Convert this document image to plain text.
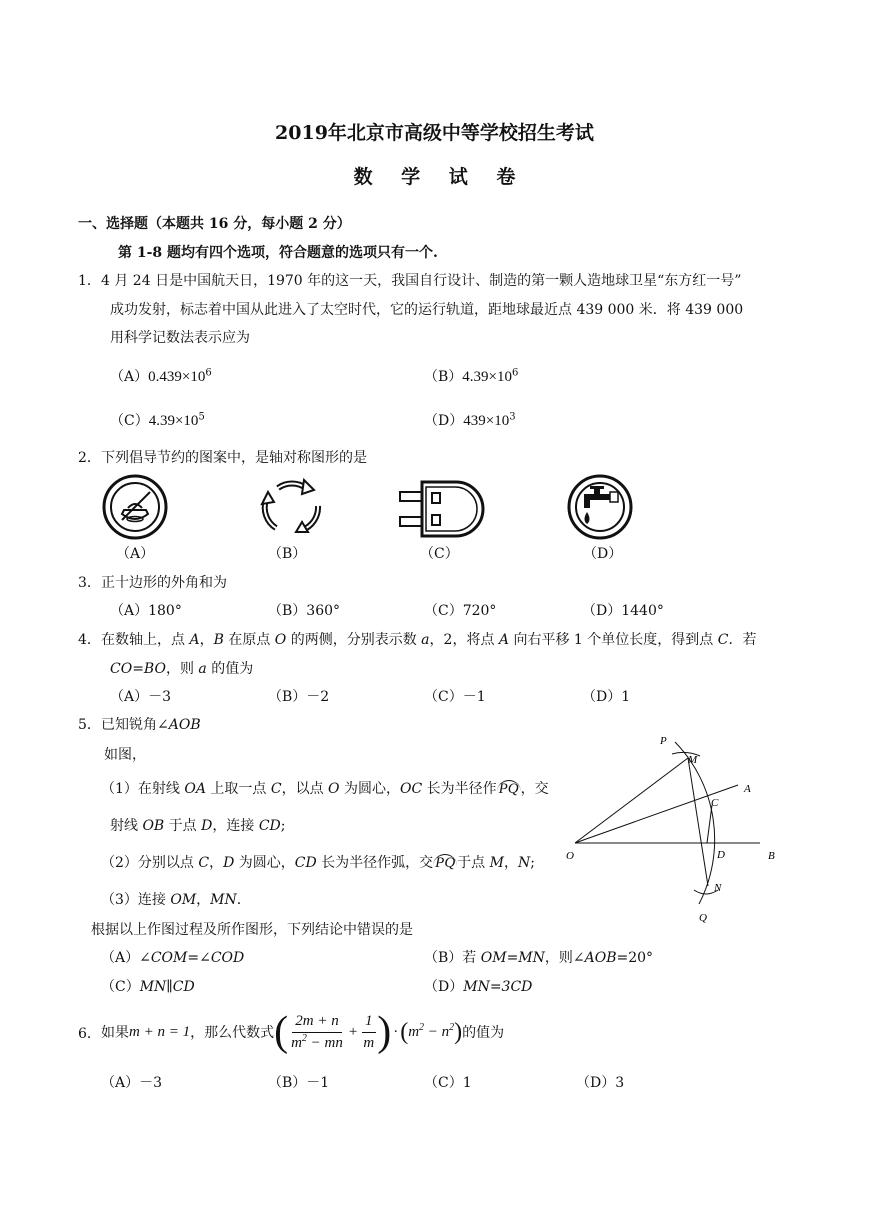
2019年北京市高级中等学校招生考试
数 学 试 卷
一、选择题（本题共 16 分，每小题 2 分）
第 1-8 题均有四个选项，符合题意的选项只有一个.
1． 4 月 24 日是中国航天日，1970 年的这一天，我国自行设计、制造的第一颗人造地球卫星“东方红一号”
成功发射，标志着中国从此进入了太空时代，它的运行轨道，距地球最近点 439 000 米．将 439 000
用科学记数法表示应为
$(A)0.439\times 10^6$	$(B)4.39\times 10^6$
$(C)4.39\times 10^5$	$(D)439\times 10^3$
2． 下列倡导节约的图案中，是轴对称图形的是
（A）	（B）	（C）	（D）
3． 正十边形的外角和为
（A）180°	（B）360°	（C）720°	（D）1440°
4． 在数轴上，点 A，B 在原点 O 的两侧，分别表示数 a，2，将点 A 向右平移 1 个单位长度，得到点 C．若
CO=BO，则 a 的值为
（A）－3	（B）－2	（C）－1	（D）1
5． 已知锐角∠AOB
如图，
（1）在射线 OA 上取一点 C，以点 O 为圆心，OC 长为半径作 PQ ，交
射线 OB 于点 D，连接 CD;
（2）分别以点 C，D 为圆心，CD 长为半径作弧，交 PQ 于点 M，N;
（3）连接 OM，MN.
根据以上作图过程及所作图形，下列结论中错误的是
（A）∠COM=∠COD	（B）若 OM=MN，则∠AOB=20°
（C）MN∥CD	（D）MN=3CD
P
M
A
C
O	D	B
N
Q
6． 如果 m + n = 1 ，那么代数式 ( $\frac{2m + n}{m^2 - mn} + \frac{1}{m}$ ) · ( $m^2 - n^2$ ) 的值为
（A）－3	（B）－1	（C）1	（D）3
